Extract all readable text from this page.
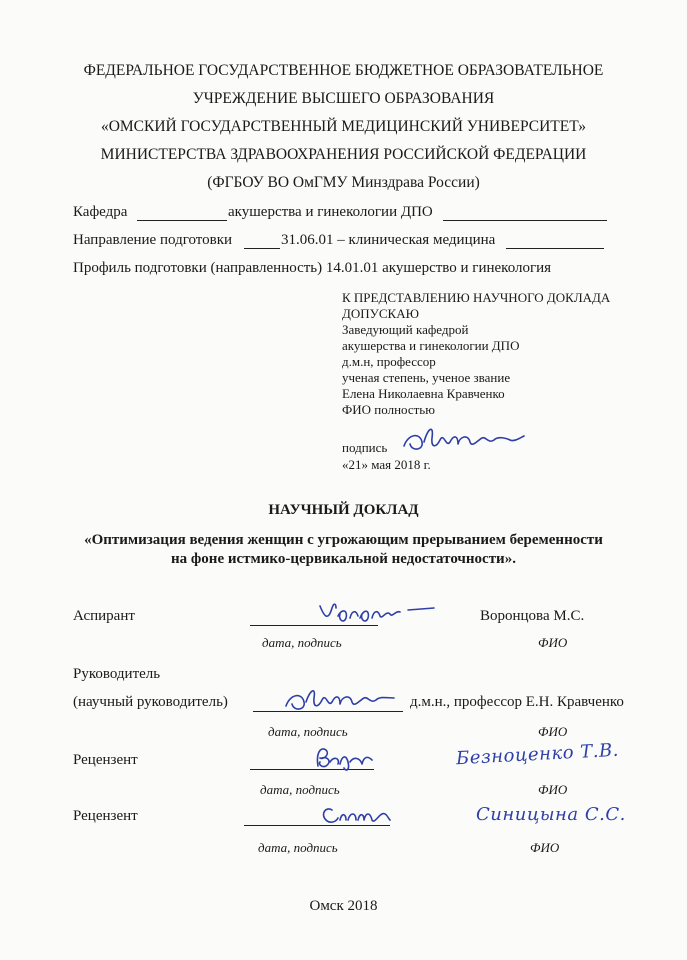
ФЕДЕРАЛЬНОЕ ГОСУДАРСТВЕННОЕ БЮДЖЕТНОЕ ОБРАЗОВАТЕЛЬНОЕ
УЧРЕЖДЕНИЕ ВЫСШЕГО ОБРАЗОВАНИЯ
«ОМСКИЙ ГОСУДАРСТВЕННЫЙ МЕДИЦИНСКИЙ УНИВЕРСИТЕТ»
МИНИСТЕРСТВА ЗДРАВООХРАНЕНИЯ РОССИЙСКОЙ ФЕДЕРАЦИИ
(ФГБОУ ВО ОмГМУ Минздрава России)
Кафедра	акушерства и гинекологии ДПО
Направление подготовки	31.06.01 – клиническая медицина
Профиль подготовки (направленность) 14.01.01 акушерство и гинекология
К ПРЕДСТАВЛЕНИЮ НАУЧНОГО ДОКЛАДА
ДОПУСКАЮ
Заведующий кафедрой
акушерства и гинекологии ДПО
д.м.н, профессор
ученая степень, ученое звание
Елена Николаевна Кравченко
ФИО полностью
подпись
«21» мая 2018 г.
НАУЧНЫЙ ДОКЛАД
«Оптимизация ведения женщин с угрожающим прерыванием беременности
на фоне истмико-цервикальной недостаточности».
Аспирант	Воронцова М.С.
дата, подпись	ФИО
Руководитель
(научный руководитель)	д.м.н., профессор Е.Н. Кравченко
дата, подпись	ФИО
Рецензент	Безноценко Т.В.
дата, подпись	ФИО
Рецензент	Синицына С.С.
дата, подпись	ФИО
Омск 2018
